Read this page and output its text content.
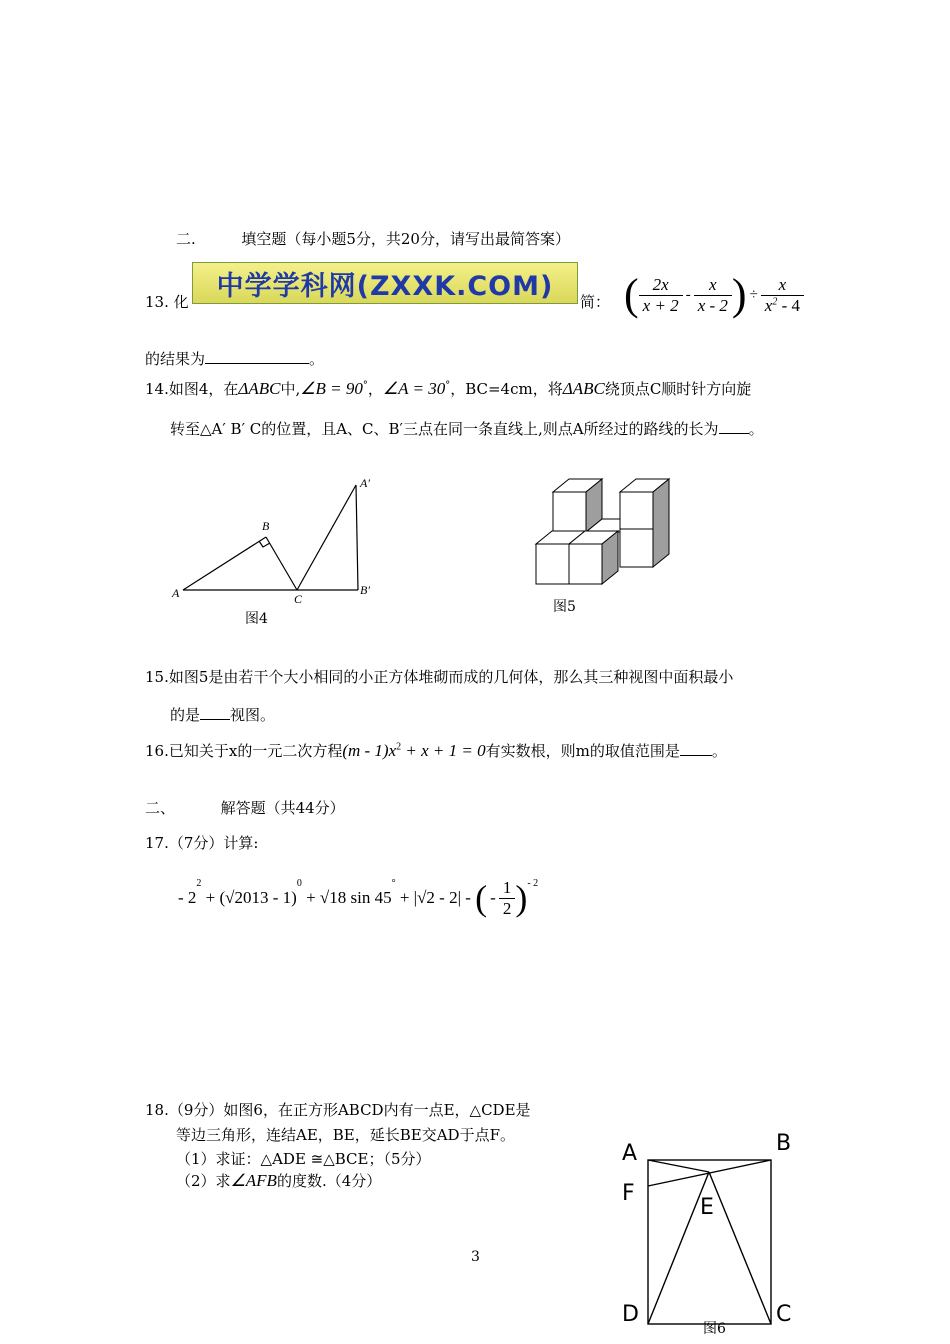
二.	填空题（每小题5分，共20分，请写出最简答案）
13. 化
中学学科网(ZXXK.COM)
简： ( $\frac{2x}{x + 2} - \frac{x}{x - 2}$ ) ÷ $\frac{x}{x^2 - 4}$
的结果为	。
14.如图4，在ΔABC中,∠B = 90°，∠A = 30°，BC=4cm，将ΔABC绕顶点C顺时针方向旋
转至△A′ B′ C的位置，且A、C、B′三点在同一条直线上,则点A所经过的路线的长为 。
A
B
C
A′
B′
图4
图5
15.如图5是由若干个大小相同的小正方体堆砌而成的几何体，那么其三种视图中面积最小
的是 视图。
16.已知关于x的一元二次方程$(m - 1)x^2 + x + 1 = 0$有实数根，则m的取值范围是 。
二、	解答题（共44分）
17.（7分）计算:
- 2
$^2$
+ (√2013 - 1)
$^0$
+ √18 sin 45
°
+ |√2 - 2| - ( - $\frac{1}{2} )^{- 2}$
18.（9分）如图6，在正方形ABCD内有一点E，△CDE是
等边三角形，连结AE，BE，延长BE交AD于点F。
（1）求证：△ADE ≅△BCE；（5分）
（2）求∠AFB的度数.（4分）
A	B
F
E
D	C
图6
3
